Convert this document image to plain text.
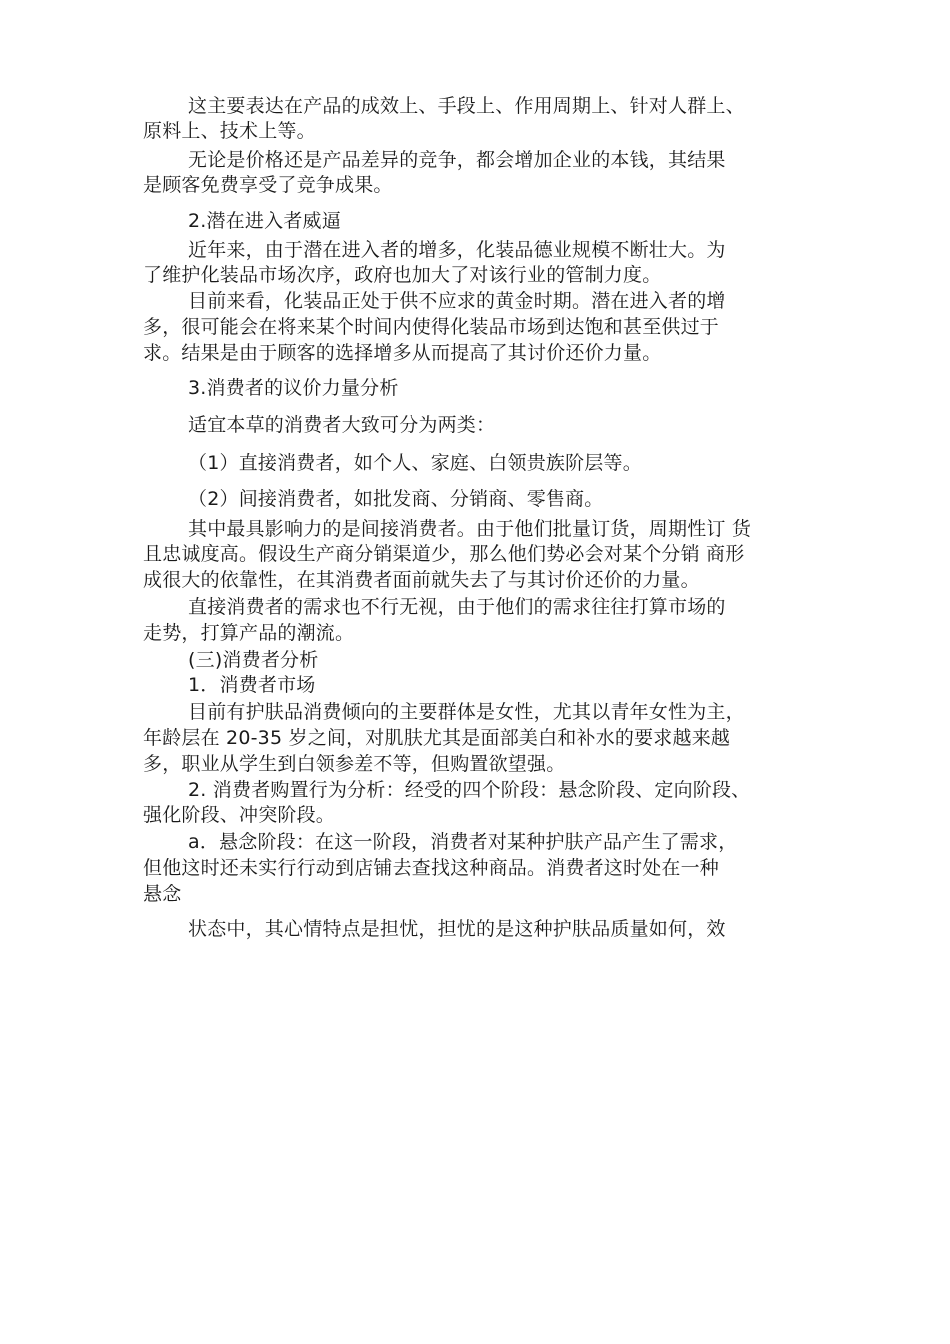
这主要表达在产品的成效上、手段上、作用周期上、针对人群上、

原料上、技术上等。

无论是价格还是产品差异的竞争，都会增加企业的本钱，其结果

是顾客免费享受了竞争成果。

2.潜在进入者威逼

近年来，由于潜在进入者的增多，化装品德业规模不断壮大。为

了维护化装品市场次序，政府也加大了对该行业的管制力度。

目前来看，化装品正处于供不应求的黄金时期。潜在进入者的增

多，很可能会在将来某个时间内使得化装品市场到达饱和甚至供过于

求。结果是由于顾客的选择增多从而提高了其讨价还价力量。

3.消费者的议价力量分析

适宜本草的消费者大致可分为两类：

（1）直接消费者，如个人、家庭、白领贵族阶层等。

（2）间接消费者，如批发商、分销商、零售商。

其中最具影响力的是间接消费者。由于他们批量订货，周期性订 货

且忠诚度高。假设生产商分销渠道少，那么他们势必会对某个分销 商形

成很大的依靠性，在其消费者面前就失去了与其讨价还价的力量。

直接消费者的需求也不行无视，由于他们的需求往往打算市场的

走势，打算产品的潮流。

(三)消费者分析

1．消费者市场

目前有护肤品消费倾向的主要群体是女性，尤其以青年女性为主，

年龄层在 20-35 岁之间，对肌肤尤其是面部美白和补水的要求越来越

多，职业从学生到白领参差不等，但购置欲望强。

2. 消费者购置行为分析：经受的四个阶段：悬念阶段、定向阶段、

强化阶段、冲突阶段。

a．悬念阶段：在这一阶段，消费者对某种护肤产品产生了需求，

但他这时还未实行行动到店铺去查找这种商品。消费者这时处在一种

悬念

状态中，其心情特点是担忧，担忧的是这种护肤品质量如何，效
